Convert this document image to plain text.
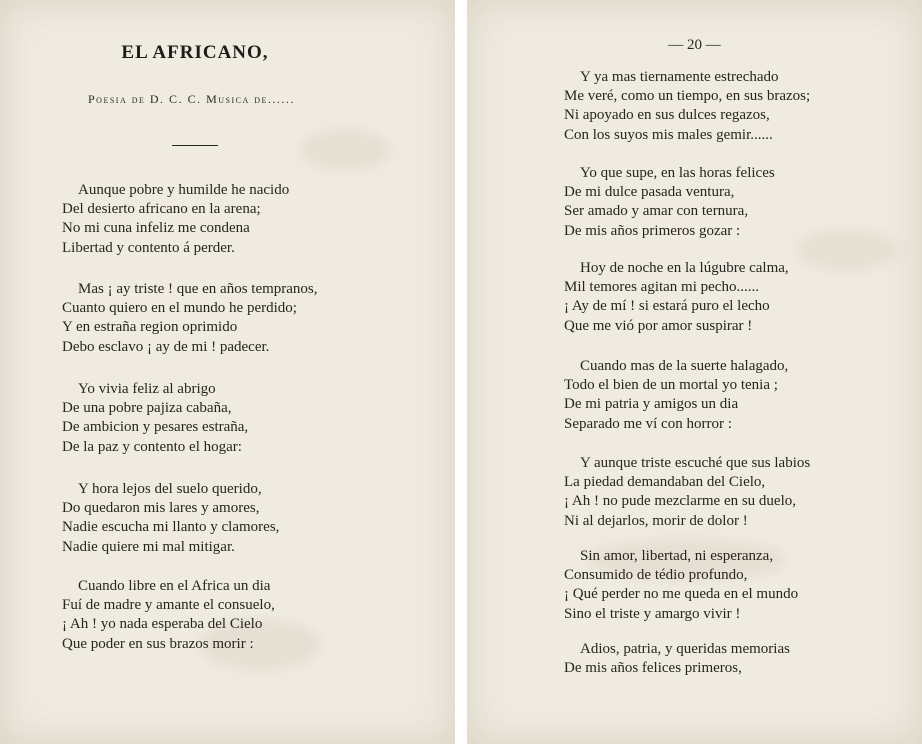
EL AFRICANO,
Poesia de D. C. C. Musica de......
Aunque pobre y humilde he nacido
Del desierto africano en la arena;
No mi cuna infeliz me condena
Libertad y contento á perder.
Mas ¡ ay triste ! que en años tempranos,
Cuanto quiero en el mundo he perdido;
Y en estraña region oprimido
Debo esclavo ¡ ay de mi ! padecer.
Yo vivia feliz al abrigo
De una pobre pajiza cabaña,
De ambicion y pesares estraña,
De la paz y contento el hogar:
Y hora lejos del suelo querido,
Do quedaron mis lares y amores,
Nadie escucha mi llanto y clamores,
Nadie quiere mi mal mitigar.
Cuando libre en el Africa un dia
Fuí de madre y amante el consuelo,
¡ Ah ! yo nada esperaba del Cielo
Que poder en sus brazos morir :
— 20 —
Y ya mas tiernamente estrechado
Me veré, como un tiempo, en sus brazos;
Ni apoyado en sus dulces regazos,
Con los suyos mis males gemir......
Yo que supe, en las horas felices
De mi dulce pasada ventura,
Ser amado y amar con ternura,
De mis años primeros gozar :
Hoy de noche en la lúgubre calma,
Mil temores agitan mi pecho......
¡ Ay de mí ! si estará puro el lecho
Que me vió por amor suspirar !
Cuando mas de la suerte halagado,
Todo el bien de un mortal yo tenia ;
De mi patria y amigos un dia
Separado me ví con horror :
Y aunque triste escuché que sus labios
La piedad demandaban del Cielo,
¡ Ah ! no pude mezclarme en su duelo,
Ni al dejarlos, morir de dolor !
Sin amor, libertad, ni esperanza,
Consumido de tédio profundo,
¡ Qué perder no me queda en el mundo
Sino el triste y amargo vivir !
Adios, patria, y queridas memorias
De mis años felices primeros,
